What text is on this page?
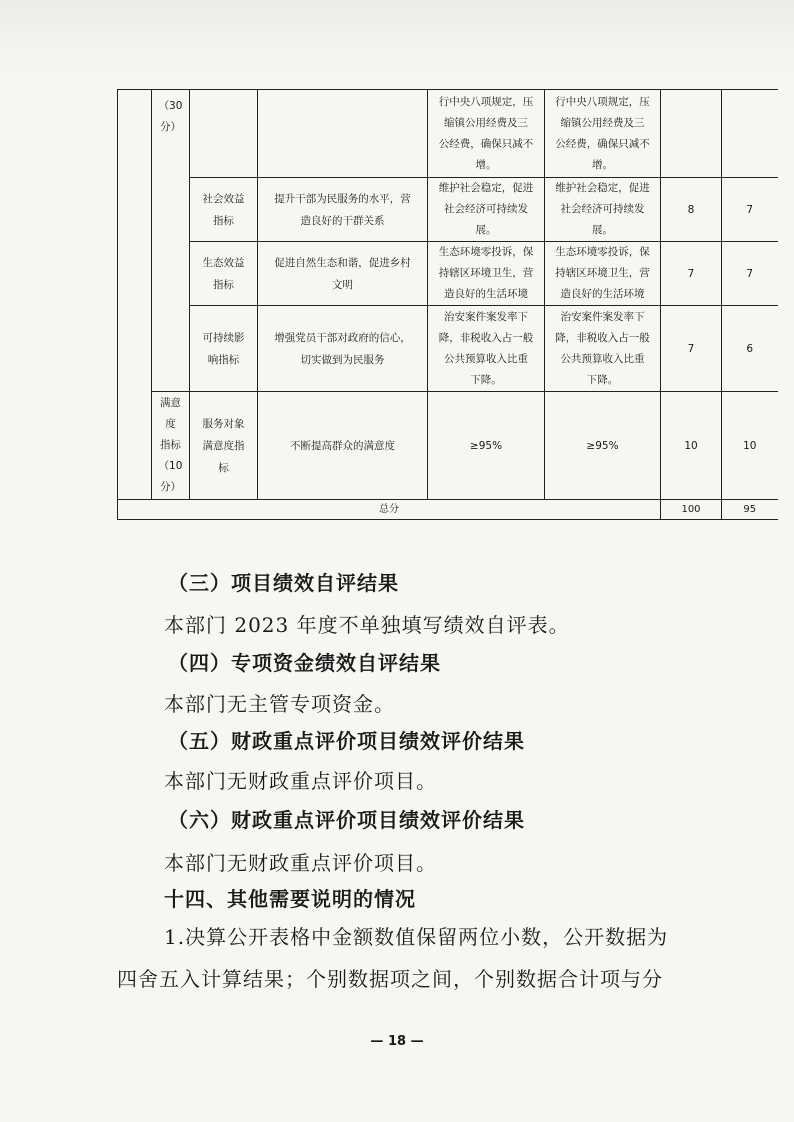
	（30
分）			行中央八项规定，压
缩镇公用经费及三
公经费，确保只减不
增。	行中央八项规定，压
缩镇公用经费及三
公经费，确保只减不
增。		
		社会效益
指标	提升干部为民服务的水平，营
造良好的干群关系	维护社会稳定，促进
社会经济可持续发
展。	维护社会稳定，促进
社会经济可持续发
展。	8	7
		生态效益
指标	促进自然生态和谐，促进乡村
文明	生态环境零投诉，保
持辖区环境卫生，营
造良好的生活环境	生态环境零投诉，保
持辖区环境卫生，营
造良好的生活环境	7	7
		可持续影
响指标	增强党员干部对政府的信心，
切实做到为民服务	治安案件案发率下
降，非税收入占一般
公共预算收入比重
下降。	治安案件案发率下
降，非税收入占一般
公共预算收入比重
下降。	7	6
	满意
度
指标
（10
分）	服务对象
满意度指
标	不断提高群众的满意度	≥95%	≥95%	10	10
总分						100	95
（三）项目绩效自评结果
本部门 2023 年度不单独填写绩效自评表。
（四）专项资金绩效自评结果
本部门无主管专项资金。
（五）财政重点评价项目绩效评价结果
本部门无财政重点评价项目。
（六）财政重点评价项目绩效评价结果
本部门无财政重点评价项目。
十四、其他需要说明的情况
1.决算公开表格中金额数值保留两位小数，公开数据为
四舍五入计算结果；个别数据项之间，个别数据合计项与分
— 18 —
